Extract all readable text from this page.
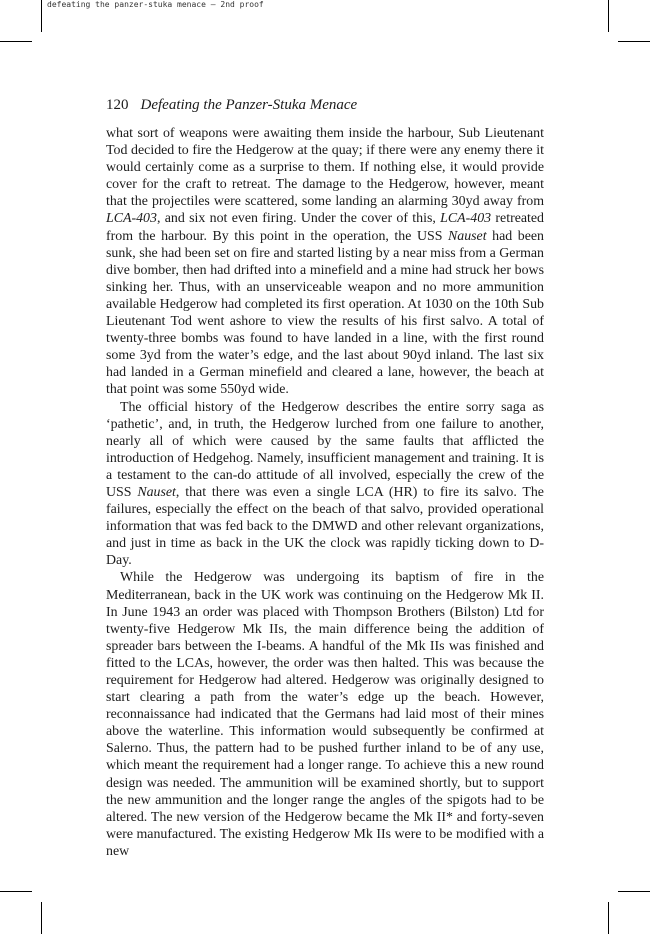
defeating the panzer-stuka menace – 2nd proof
120 Defeating the Panzer-Stuka Menace

what sort of weapons were awaiting them inside the harbour, Sub Lieutenant Tod decided to fire the Hedgerow at the quay; if there were any enemy there it would certainly come as a surprise to them. If nothing else, it would provide cover for the craft to retreat. The damage to the Hedgerow, however, meant that the projectiles were scattered, some landing an alarming 30yd away from LCA-403, and six not even firing. Under the cover of this, LCA-403 retreated from the harbour. By this point in the operation, the USS Nauset had been sunk, she had been set on fire and started listing by a near miss from a German dive bomber, then had drifted into a minefield and a mine had struck her bows sinking her. Thus, with an unserviceable weapon and no more ammunition available Hedgerow had completed its first operation. At 1030 on the 10th Sub Lieutenant Tod went ashore to view the results of his first salvo. A total of twenty-three bombs was found to have landed in a line, with the first round some 3yd from the water’s edge, and the last about 90yd inland. The last six had landed in a German minefield and cleared a lane, however, the beach at that point was some 550yd wide.

The official history of the Hedgerow describes the entire sorry saga as ‘pathetic’, and, in truth, the Hedgerow lurched from one failure to another, nearly all of which were caused by the same faults that afflicted the introduction of Hedgehog. Namely, insufficient management and training. It is a testament to the can-do attitude of all involved, especially the crew of the USS Nauset, that there was even a single LCA (HR) to fire its salvo. The failures, especially the effect on the beach of that salvo, provided operational information that was fed back to the DMWD and other relevant organizations, and just in time as back in the UK the clock was rapidly ticking down to D-Day.

While the Hedgerow was undergoing its baptism of fire in the Mediterranean, back in the UK work was continuing on the Hedgerow Mk II. In June 1943 an order was placed with Thompson Brothers (Bilston) Ltd for twenty-five Hedgerow Mk IIs, the main difference being the addition of spreader bars between the I-beams. A handful of the Mk IIs was finished and fitted to the LCAs, however, the order was then halted. This was because the requirement for Hedgerow had altered. Hedgerow was originally designed to start clearing a path from the water’s edge up the beach. However, reconnaissance had indicated that the Germans had laid most of their mines above the waterline. This information would subsequently be confirmed at Salerno. Thus, the pattern had to be pushed further inland to be of any use, which meant the requirement had a longer range. To achieve this a new round design was needed. The ammunition will be examined shortly, but to support the new ammunition and the longer range the angles of the spigots had to be altered. The new version of the Hedgerow became the Mk II* and forty-seven were manufactured. The existing Hedgerow Mk IIs were to be modified with a new
